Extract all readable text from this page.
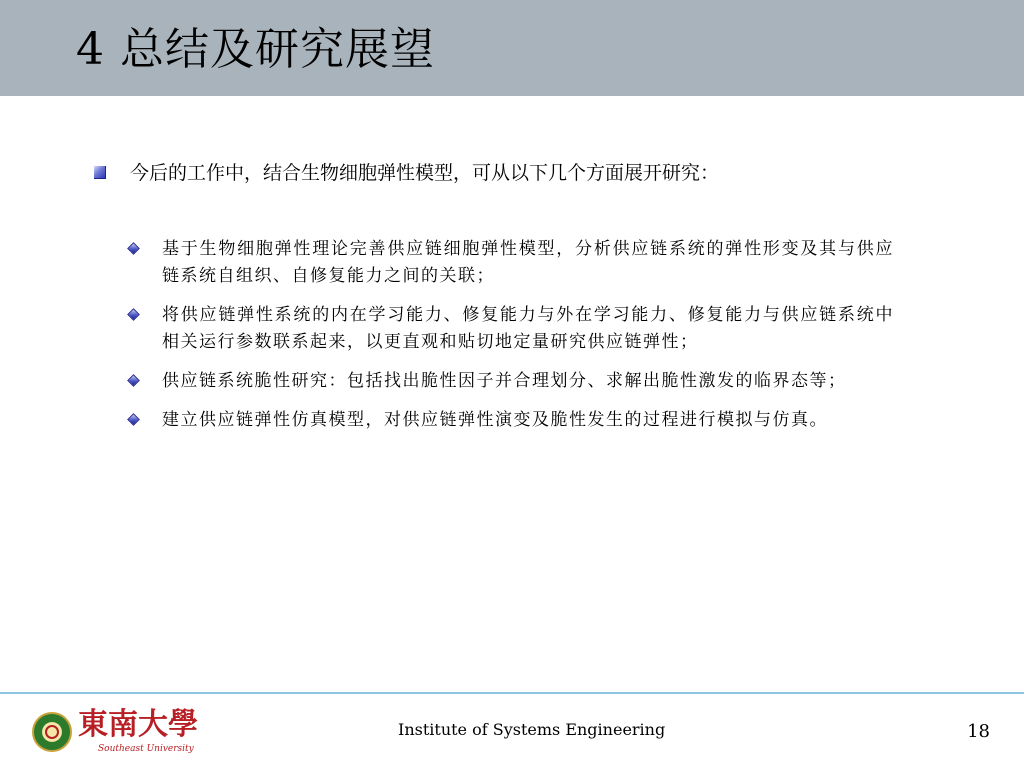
4 总结及研究展望
今后的工作中，结合生物细胞弹性模型，可从以下几个方面展开研究：
基于生物细胞弹性理论完善供应链细胞弹性模型，分析供应链系统的弹性形变及其与供应链系统自组织、自修复能力之间的关联；
将供应链弹性系统的内在学习能力、修复能力与外在学习能力、修复能力与供应链系统中相关运行参数联系起来，以更直观和贴切地定量研究供应链弹性；
供应链系统脆性研究：包括找出脆性因子并合理划分、求解出脆性激发的临界态等；
建立供应链弹性仿真模型，对供应链弹性演变及脆性发生的过程进行模拟与仿真。
東南大學
Southeast University
Institute of Systems Engineering	18
